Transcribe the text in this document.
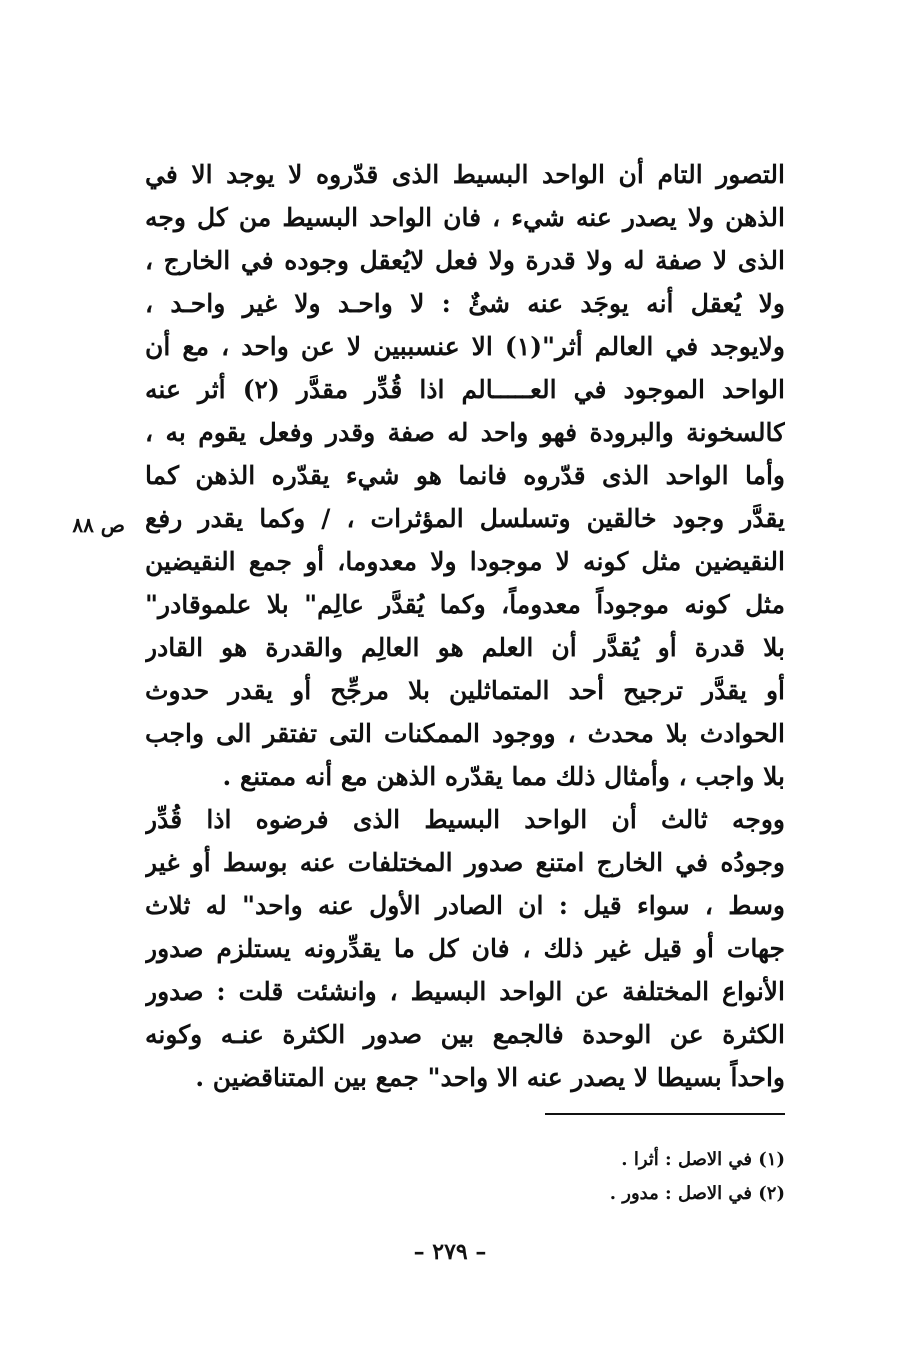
التصور التام أن الواحد البسيط الذى قدّروه لا يوجد الا في
الذهن ولا يصدر عنه شيء ، فان الواحد البسيط من كل وجه
الذى لا صفة له ولا قدرة ولا فعل لايُعقل وجوده في الخارج ،
ولا يُعقل أنه يوجَد عنه شئٌ : لا واحـد ولا غير واحـد ،
ولايوجد في العالم أثر"(١) الا عنسببين لا عن واحد ، مع أن
الواحد الموجود في العـــــالم اذا قُدِّر مقدَّر (٢) أثر عنه
كالسخونة والبرودة فهو واحد له صفة وقدر وفعل يقوم به ،
وأما الواحد الذى قدّروه فانما هو شيء يقدّره الذهن كما
يقدَّر وجود خالقين وتسلسل المؤثرات ، / وكما يقدر رفع
النقيضين مثل كونه لا موجودا ولا معدوما، أو جمع النقيضين
مثل كونه موجوداً معدوماً، وكما يُقدَّر عالِم" بلا علموقادر"
بلا قدرة أو يُقدَّر أن العلم هو العالِم والقدرة هو القادر
أو يقدَّر ترجيح أحد المتماثلين بلا مرجِّح أو يقدر حدوث
الحوادث بلا محدث ، ووجود الممكنات التى تفتقر الى واجب
بلا واجب ، وأمثال ذلك مما يقدّره الذهن مع أنه ممتنع .
ص ٨٨
ووجه ثالث أن الواحد البسيط الذى فرضوه اذا قُدِّر
وجودُه في الخارج امتنع صدور المختلفات عنه بوسط أو غير
وسط ، سواء قيل : ان الصادر الأول عنه واحد" له ثلاث
جهات أو قيل غير ذلك ، فان كل ما يقدِّرونه يستلزم صدور
الأنواع المختلفة عن الواحد البسيط ، وانشئت قلت : صدور
الكثرة عن الوحدة فالجمع بين صدور الكثرة عنـه وكونه
واحداً بسيطا لا يصدر عنه الا واحد" جمع بين المتناقضين .
(١) في الاصل : أثرا .
(٢) في الاصل : مدور .
– ٢٧٩ –
